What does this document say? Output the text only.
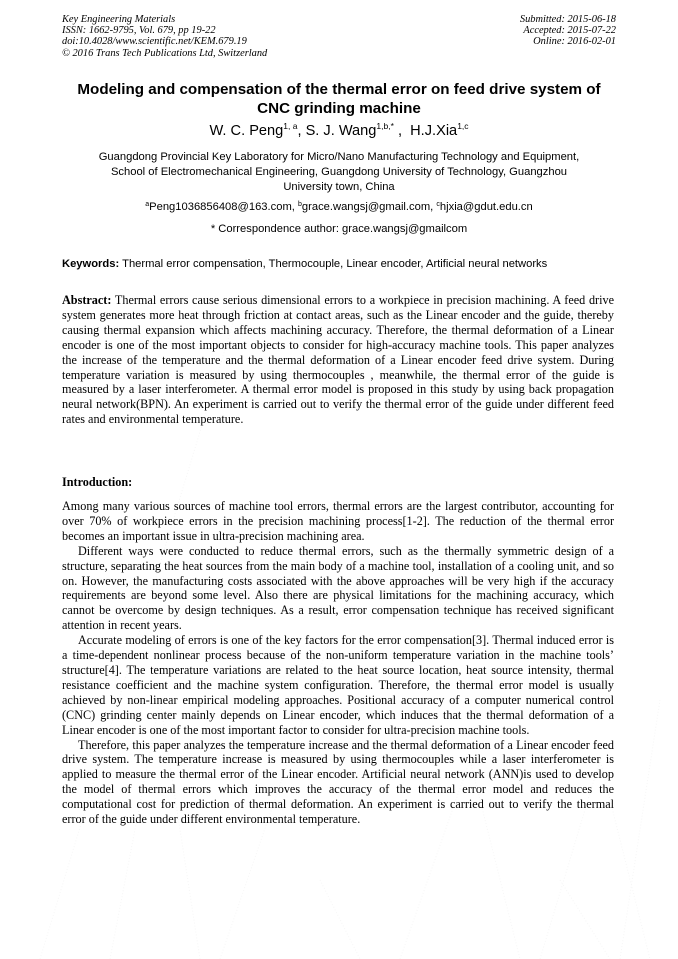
Key Engineering Materials
ISSN: 1662-9795, Vol. 679, pp 19-22
doi:10.4028/www.scientific.net/KEM.679.19
© 2016 Trans Tech Publications Ltd, Switzerland
Submitted: 2015-06-18
Accepted: 2015-07-22
Online: 2016-02-01
Modeling and compensation of the thermal error on feed drive system of
CNC grinding machine
W. C. Peng$^{1, a}$, S. J. Wang$^{1,b,*}$ ,  H.J.Xia$^{1,c}$
Guangdong Provincial Key Laboratory for Micro/Nano Manufacturing Technology and Equipment,
School of Electromechanical Engineering, Guangdong University of Technology, Guangzhou
University town, China
$^a$Peng1036856408@163.com, $^b$grace.wangsj@gmail.com, $^c$hjxia@gdut.edu.cn
* Correspondence author: grace.wangsj@gmailcom
Keywords: Thermal error compensation, Thermocouple, Linear encoder, Artificial neural networks

Abstract: Thermal errors cause serious dimensional errors to a workpiece in precision machining. A feed drive system generates more heat through friction at contact areas, such as the Linear encoder and the guide, thereby causing thermal expansion which affects machining accuracy. Therefore, the thermal deformation of a Linear encoder is one of the most important objects to consider for high-accuracy machine tools. This paper analyzes the increase of the temperature and the thermal deformation of a Linear encoder feed drive system. During temperature variation is measured by using thermocouples , meanwhile, the thermal error of the guide is measured by a laser interferometer. A thermal error model is proposed in this study by using back propagation neural network(BPN). An experiment is carried out to verify the thermal error of the guide under different feed rates and environmental temperature.

Introduction:

Among many various sources of machine tool errors, thermal errors are the largest contributor, accounting for over 70% of workpiece errors in the precision machining process[1-2]. The reduction of the thermal error becomes an important issue in ultra-precision machining area.

Different ways were conducted to reduce thermal errors, such as the thermally symmetric design of a structure, separating the heat sources from the main body of a machine tool, installation of a cooling unit, and so on. However, the manufacturing costs associated with the above approaches will be very high if the accuracy requirements are beyond some level. Also there are physical limitations for the machining accuracy, which cannot be overcome by design techniques. As a result, error compensation technique has received significant attention in recent years.

Accurate modeling of errors is one of the key factors for the error compensation[3]. Thermal induced error is a time-dependent nonlinear process because of the non-uniform temperature variation in the machine tools’ structure[4]. The temperature variations are related to the heat source location, heat source intensity, thermal resistance coefficient and the machine system configuration. Therefore, the thermal error model is usually achieved by non-linear empirical modeling approaches. Positional accuracy of a computer numerical control (CNC) grinding center mainly depends on Linear encoder, which induces that the thermal deformation of a Linear encoder is one of the most important factor to consider for ultra-precision machine tools.

Therefore, this paper analyzes the temperature increase and the thermal deformation of a Linear encoder feed drive system. The temperature increase is measured by using thermocouples while a laser interferometer is applied to measure the thermal error of the Linear encoder. Artificial neural network (ANN)is used to develop the model of thermal errors which improves the accuracy of the thermal error model and reduces the computational cost for prediction of thermal deformation. An experiment is carried out to verify the thermal error of the guide under different environmental temperature.
